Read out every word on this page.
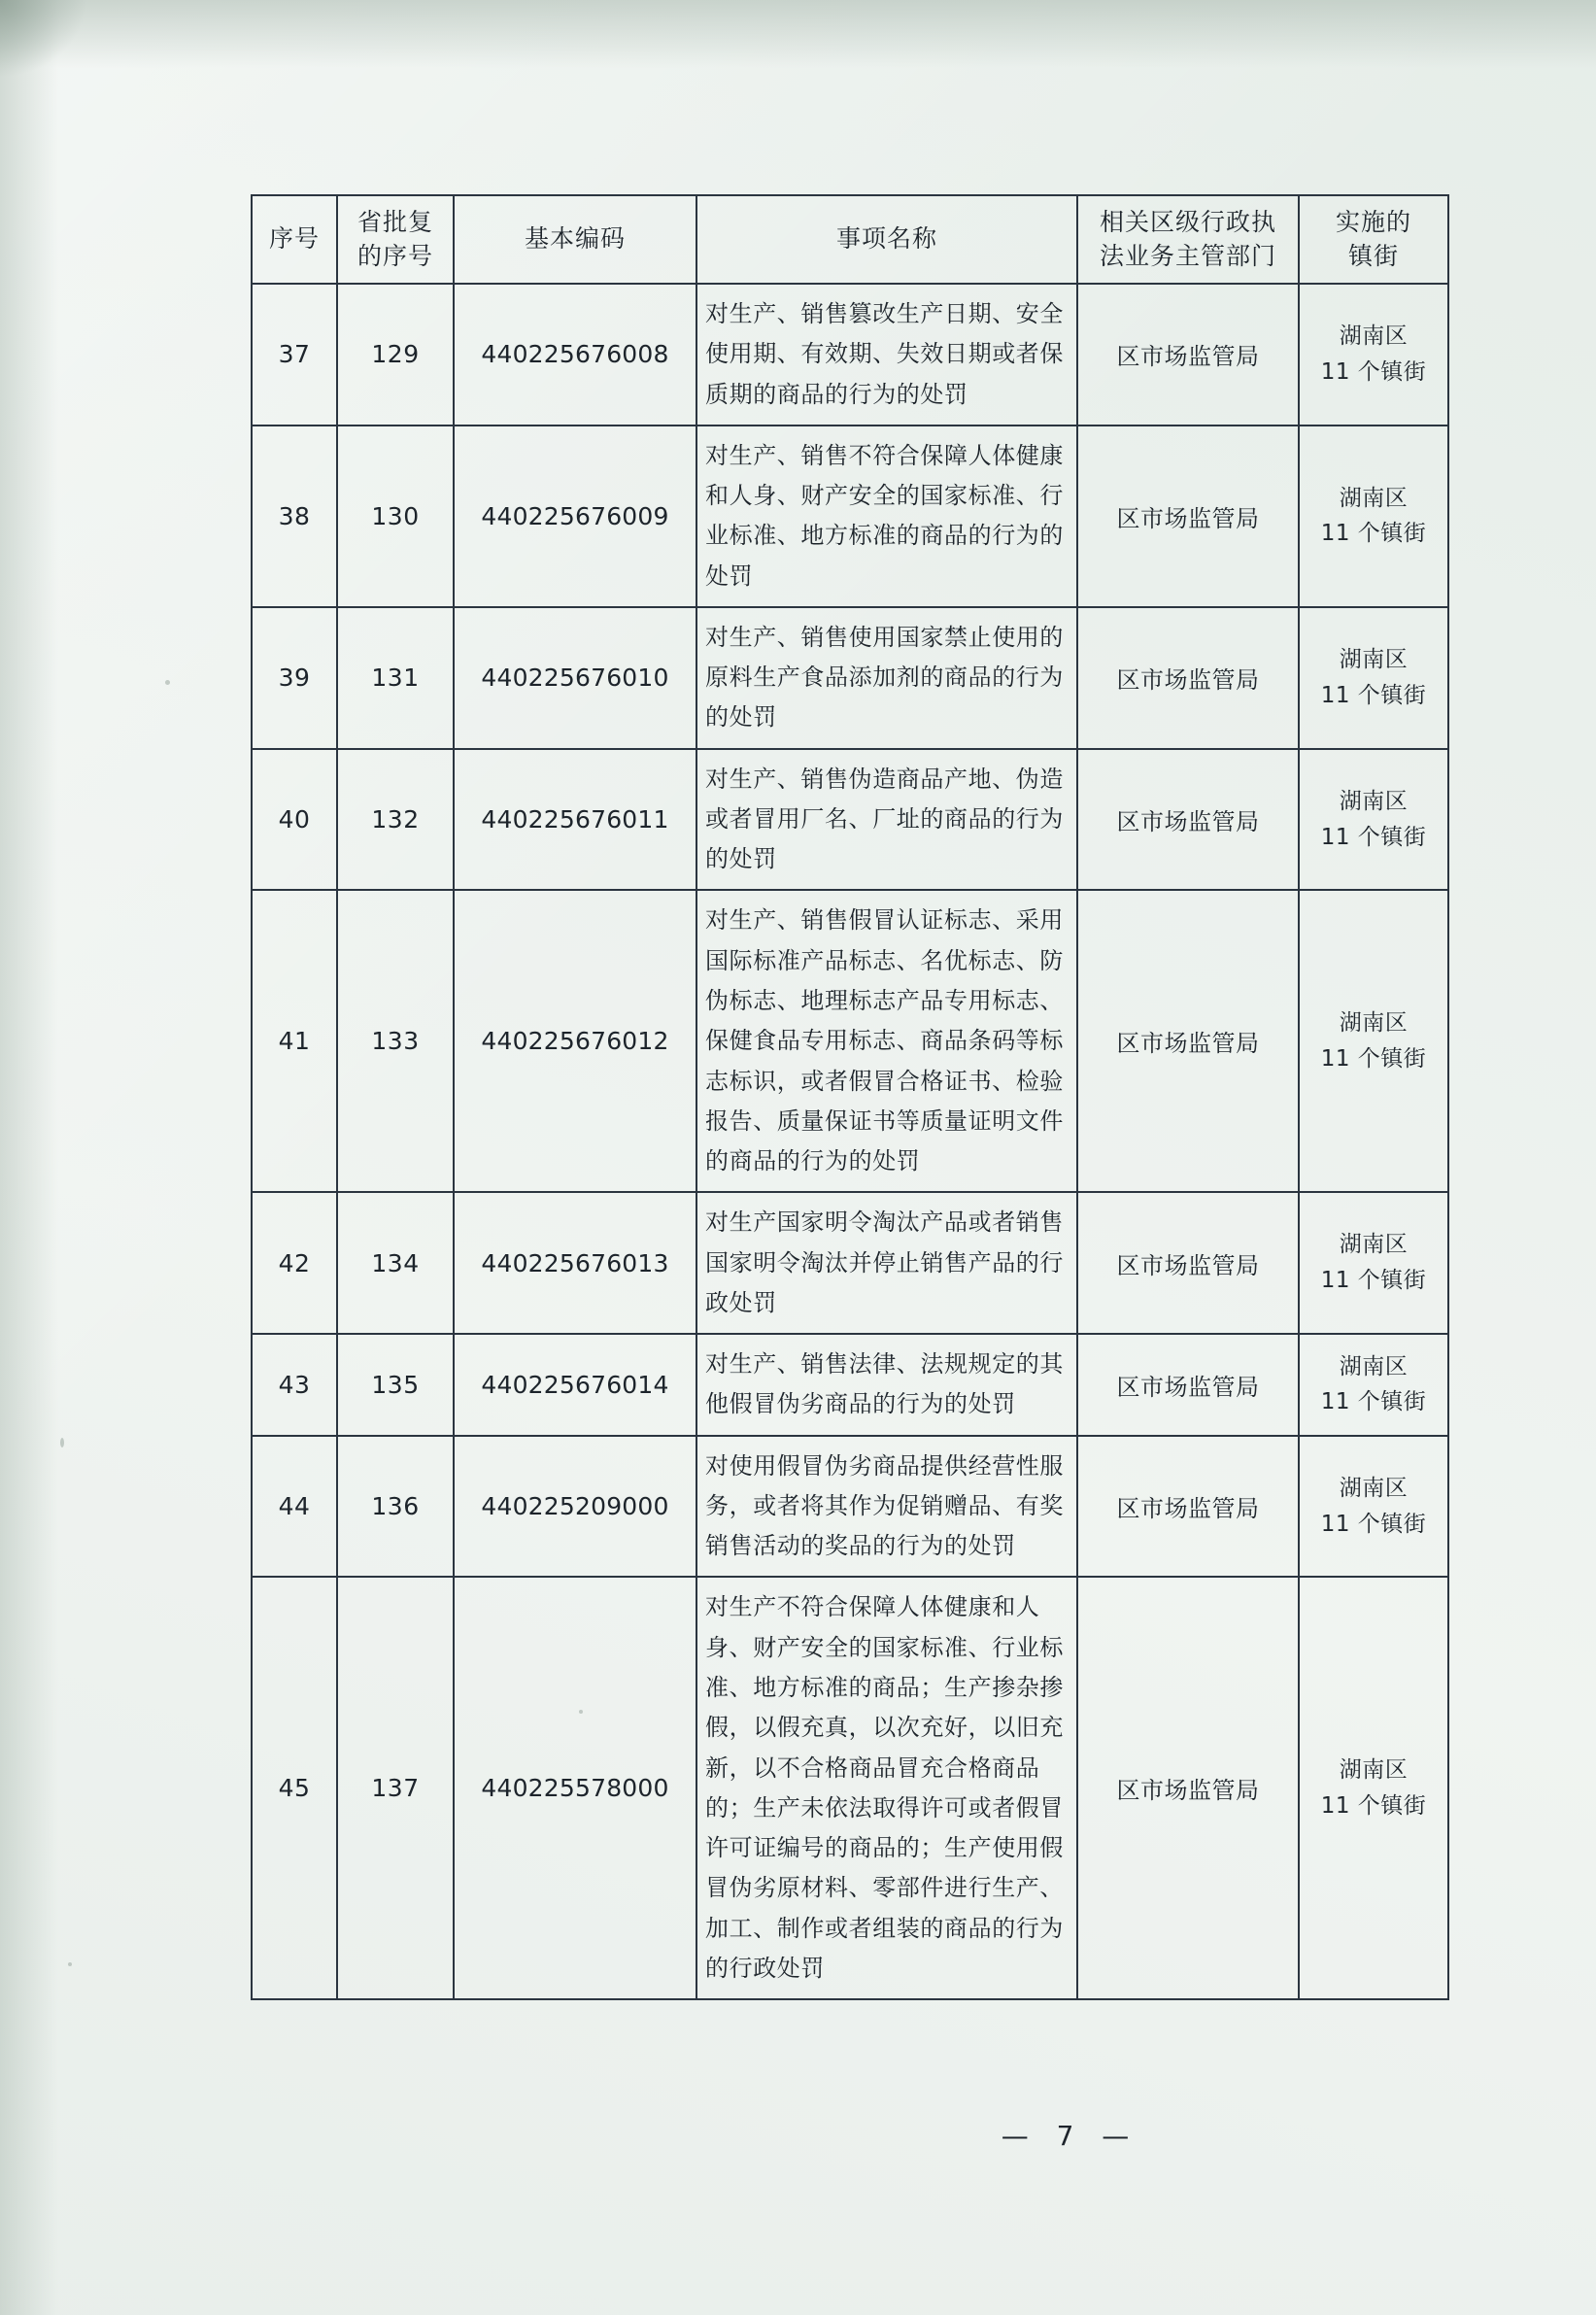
序号	省批复
的序号	基本编码	事项名称	相关区级行政执
法业务主管部门	实施的
镇街

37	129	440225676008	对生产、销售篡改生产日期、安全使用期、有效期、失效日期或者保质期的商品的行为的处罚	区市场监管局	湖南区
11 个镇街

38	130	440225676009	对生产、销售不符合保障人体健康和人身、财产安全的国家标准、行业标准、地方标准的商品的行为的处罚	区市场监管局	湖南区
11 个镇街

39	131	440225676010	对生产、销售使用国家禁止使用的原料生产食品添加剂的商品的行为的处罚	区市场监管局	湖南区
11 个镇街

40	132	440225676011	对生产、销售伪造商品产地、伪造或者冒用厂名、厂址的商品的行为的处罚	区市场监管局	湖南区
11 个镇街

41	133	440225676012	对生产、销售假冒认证标志、采用国际标准产品标志、名优标志、防伪标志、地理标志产品专用标志、保健食品专用标志、商品条码等标志标识，或者假冒合格证书、检验报告、质量保证书等质量证明文件的商品的行为的处罚	区市场监管局	湖南区
11 个镇街

42	134	440225676013	对生产国家明令淘汰产品或者销售国家明令淘汰并停止销售产品的行政处罚	区市场监管局	湖南区
11 个镇街

43	135	440225676014	对生产、销售法律、法规规定的其他假冒伪劣商品的行为的处罚	区市场监管局	湖南区
11 个镇街

44	136	440225209000	对使用假冒伪劣商品提供经营性服务，或者将其作为促销赠品、有奖销售活动的奖品的行为的处罚	区市场监管局	湖南区
11 个镇街

45	137	440225578000	对生产不符合保障人体健康和人身、财产安全的国家标准、行业标准、地方标准的商品；生产掺杂掺假，以假充真，以次充好，以旧充新，以不合格商品冒充合格商品的；生产未依法取得许可或者假冒许可证编号的商品的；生产使用假冒伪劣原材料、零部件进行生产、加工、制作或者组装的商品的行为的行政处罚	区市场监管局	湖南区
11 个镇街
— 7 —
